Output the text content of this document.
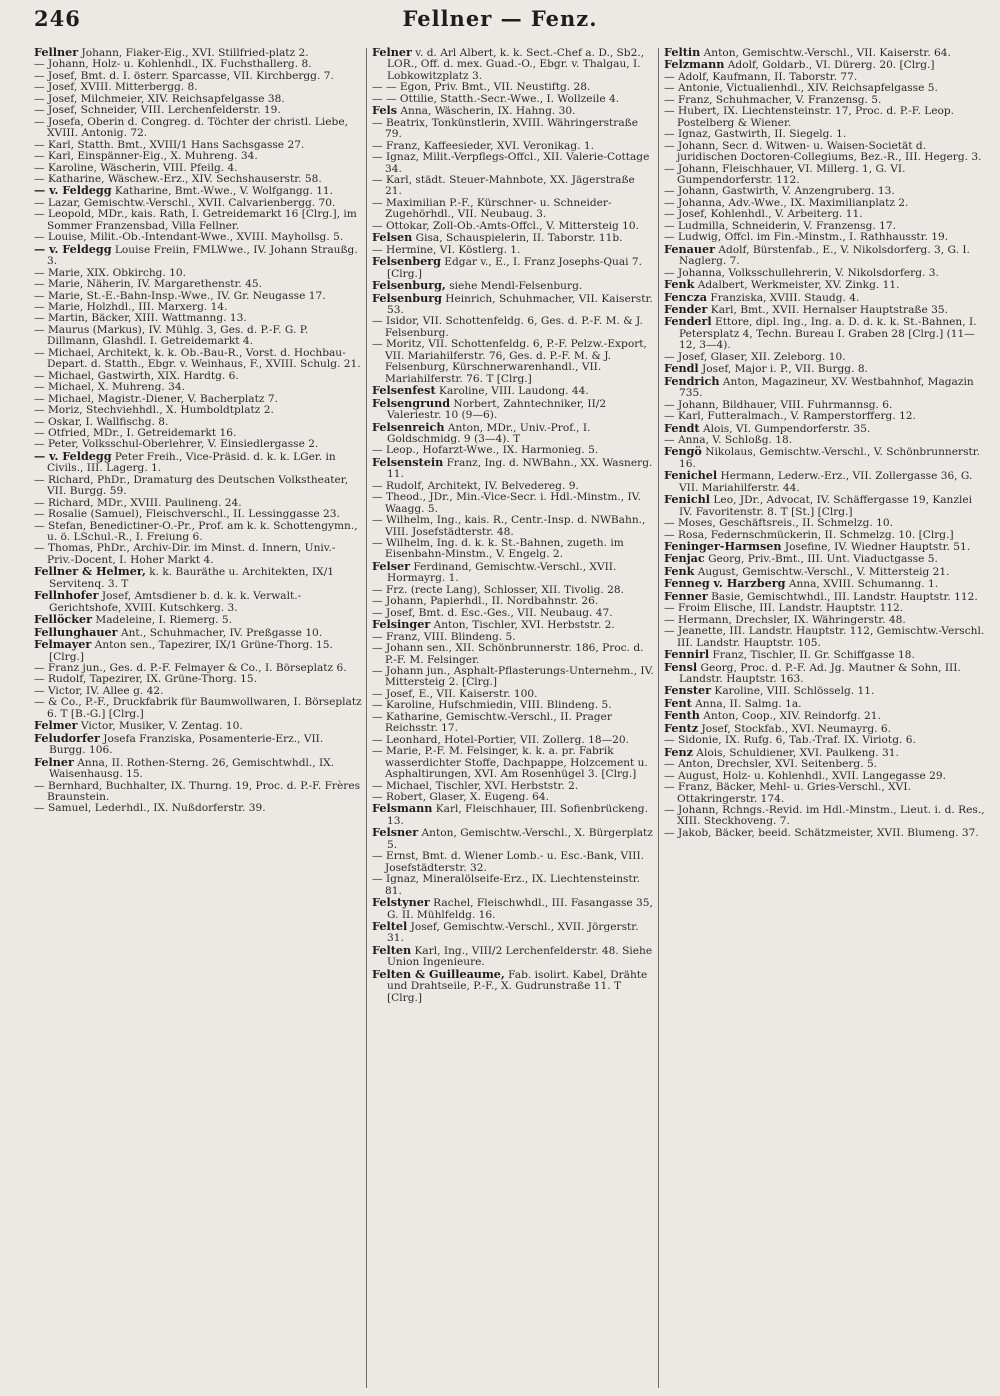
246	Fellner — Fenz.

Fellner Johann, Fiaker-Eig., XVI. Stillfried-platz 2.

— Johann, Holz- u. Kohlenhdl., IX. Fuchsthallerg. 8.

— Josef, Bmt. d. I. österr. Sparcasse, VII. Kirchbergg. 7.

— Josef, XVIII. Mitterbergg. 8.

— Josef, Milchmeier, XIV. Reichsapfelgasse 38.

— Josef, Schneider, VIII. Lerchenfelderstr. 19.

— Josefa, Oberin d. Congreg. d. Töchter der christl. Liebe, XVIII. Antonig. 72.

— Karl, Statth. Bmt., XVIII/1 Hans Sachsgasse 27.

— Karl, Einspänner-Eig., X. Muhreng. 34.

— Karoline, Wäscherin, VIII. Pfeilg. 4.

— Katharine, Wäschew.-Erz., XIV. Sechshauserstr. 58.

— v. Feldegg Katharine, Bmt.-Wwe., V. Wolfgangg. 11.

— Lazar, Gemischtw.-Verschl., XVII. Calvarienbergg. 70.

— Leopold, MDr., kais. Rath, I. Getreidemarkt 16 [Clrg.], im Sommer Franzensbad, Villa Fellner.

— Louise, Milit.-Ob.-Intendant-Wwe., XVIII. Mayhollsg. 5.

— v. Feldegg Louise Freiin, FMLWwe., IV. Johann Straußg. 3.

— Marie, XIX. Obkirchg. 10.

— Marie, Näherin, IV. Margarethenstr. 45.

— Marie, St.-E.-Bahn-Insp.-Wwe., IV. Gr. Neugasse 17.

— Marie, Holzhdl., III. Marxerg. 14.

— Martin, Bäcker, XIII. Wattmanng. 13.

— Maurus (Markus), IV. Mühlg. 3, Ges. d. P.-F. G. P. Dillmann, Glashdl. I. Getreidemarkt 4.

— Michael, Architekt, k. k. Ob.-Bau-R., Vorst. d. Hochbau-Depart. d. Statth., Ebgr. v. Weinhaus, F., XVIII. Schulg. 21.

— Michael, Gastwirth, XIX. Hardtg. 6.

— Michael, X. Muhreng. 34.

— Michael, Magistr.-Diener, V. Bacherplatz 7.

— Moriz, Stechviehhdl., X. Humboldtplatz 2.

— Oskar, I. Wallfischg. 8.

— Otfried, MDr., I. Getreidemarkt 16.

— Peter, Volksschul-Oberlehrer, V. Einsiedlergasse 2.

— v. Feldegg Peter Freih., Vice-Präsid. d. k. k. LGer. in Civils., III. Lagerg. 1.

— Richard, PhDr., Dramaturg des Deutschen Volkstheater, VII. Burgg. 59.

— Richard, MDr., XVIII. Paulineng. 24.

— Rosalie (Samuel), Fleischverschl., II. Lessinggasse 23.

— Stefan, Benedictiner-O.-Pr., Prof. am k. k. Schottengymn., u. ö. LSchul.-R., I. Freiung 6.

— Thomas, PhDr., Archiv-Dir. im Minst. d. Innern, Univ.-Priv.-Docent, I. Hoher Markt 4.

Fellner & Helmer, k. k. Bauräthe u. Architekten, IX/1 Servitenq. 3. T

Fellnhofer Josef, Amtsdiener b. d. k. k. Verwalt.-Gerichtshofe, XVIII. Kutschkerg. 3.

Fellöcker Madeleine, I. Riemerg. 5.

Fellunghauer Ant., Schuhmacher, IV. Preßgasse 10.

Felmayer Anton sen., Tapezirer, IX/1 Grüne-Thorg. 15. [Clrg.]

— Franz jun., Ges. d. P.-F. Felmayer & Co., I. Börseplatz 6.

— Rudolf, Tapezirer, IX. Grüne-Thorg. 15.

— Victor, IV. Allee g. 42.

— & Co., P.-F., Druckfabrik für Baumwollwaren, I. Börseplatz 6. T [B.-G.] [Clrg.]

Felmer Victor, Musiker, V. Zentag. 10.

Feludorfer Josefa Franziska, Posamenterie-Erz., VII. Burgg. 106.

Felner Anna, II. Rothen-Sterng. 26, Gemischtwhdl., IX. Waisenhausg. 15.

— Bernhard, Buchhalter, IX. Thurng. 19, Proc. d. P.-F. Frères Braunstein.

— Samuel, Lederhdl., IX. Nußdorferstr. 39.

Felner v. d. Arl Albert, k. k. Sect.-Chef a. D., Sb2., LOR., Off. d. mex. Guad.-O., Ebgr. v. Thalgau, I. Lobkowitzplatz 3.

— — Egon, Priv. Bmt., VII. Neustiftg. 28.

— — Ottilie, Statth.-Secr.-Wwe., I. Wollzeile 4.

Fels Anna, Wäscherin, IX. Hahng. 30.

— Beatrix, Tonkünstlerin, XVIII. Währingerstraße 79.

— Franz, Kaffeesieder, XVI. Veronikag. 1.

— Ignaz, Milit.-Verpflegs-Offcl., XII. Valerie-Cottage 34.

— Karl, städt. Steuer-Mahnbote, XX. Jägerstraße 21.

— Maximilian P.-F., Kürschner- u. Schneider-Zugehörhdl., VII. Neubaug. 3.

— Ottokar, Zoll-Ob.-Amts-Offcl., V. Mittersteig 10.

Felsen Gisa, Schauspielerin, II. Taborstr. 11b.

— Hermine, VI. Köstlerg. 1.

Felsenberg Edgar v., E., I. Franz Josephs-Quai 7. [Clrg.]

Felsenburg, siehe Mendl-Felsenburg.

Felsenburg Heinrich, Schuhmacher, VII. Kaiserstr. 53.

— Isidor, VII. Schottenfeldg. 6, Ges. d. P.-F. M. & J. Felsenburg.

— Moritz, VII. Schottenfeldg. 6, P.-F. Pelzw.-Export, VII. Mariahilferstr. 76, Ges. d. P.-F. M. & J. Felsenburg, Kürschnerwarenhandl., VII. Mariahilferstr. 76. T [Clrg.]

Felsenfest Karoline, VIII. Laudong. 44.

Felsengrund Norbert, Zahntechniker, II/2 Valeriestr. 10 (9—6).

Felsenreich Anton, MDr., Univ.-Prof., I. Goldschmidg. 9 (3—4). T

— Leop., Hofarzt-Wwe., IX. Harmonieg. 5.

Felsenstein Franz, Ing. d. NWBahn., XX. Wasnerg. 11.

— Rudolf, Architekt, IV. Belvedereg. 9.

— Theod., JDr., Min.-Vice-Secr. i. Hdl.-Minstm., IV. Waagg. 5.

— Wilhelm, Ing., kais. R., Centr.-Insp. d. NWBahn., VIII. Josefstädterstr. 48.

— Wilhelm, Ing. d. k. k. St.-Bahnen, zugeth. im Eisenbahn-Minstm., V. Engelg. 2.

Felser Ferdinand, Gemischtw.-Verschl., XVII. Hormayrg. 1.

— Frz. (recte Lang), Schlosser, XII. Tivolig. 28.

— Johann, Papierhdl., II. Nordbahnstr. 26.

— Josef, Bmt. d. Esc.-Ges., VII. Neubaug. 47.

Felsinger Anton, Tischler, XVI. Herbststr. 2.

— Franz, VIII. Blindeng. 5.

— Johann sen., XII. Schönbrunnerstr. 186, Proc. d. P.-F. M. Felsinger.

— Johann jun., Asphalt-Pflasterungs-Unternehm., IV. Mittersteig 2. [Clrg.]

— Josef, E., VII. Kaiserstr. 100.

— Karoline, Hufschmiedin, VIII. Blindeng. 5.

— Katharine, Gemischtw.-Verschl., II. Prager Reichsstr. 17.

— Leonhard, Hotel-Portier, VII. Zollerg. 18—20.

— Marie, P.-F. M. Felsinger, k. k. a. pr. Fabrik wasserdichter Stoffe, Dachpappe, Holzcement u. Asphaltirungen, XVI. Am Rosenhügel 3. [Clrg.]

— Michael, Tischler, XVI. Herbststr. 2.

— Robert, Glaser, X. Eugeng. 64.

Felsmann Karl, Fleischhauer, III. Sofienbrückeng. 13.

Felsner Anton, Gemischtw.-Verschl., X. Bürgerplatz 5.

— Ernst, Bmt. d. Wiener Lomb.- u. Esc.-Bank, VIII. Josefstädterstr. 32.

— Ignaz, Mineralölseife-Erz., IX. Liechtensteinstr. 81.

Felstyner Rachel, Fleischwhdl., III. Fasangasse 35, G. II. Mühlfeldg. 16.

Feltel Josef, Gemischtw.-Verschl., XVII. Jörgerstr. 31.

Felten Karl, Ing., VIII/2 Lerchenfelderstr. 48. Siehe Union Ingenieure.

Felten & Guilleaume, Fab. isolirt. Kabel, Drähte und Drahtseile, P.-F., X. Gudrunstraße 11. T [Clrg.]

Feltin Anton, Gemischtw.-Verschl., VII. Kaiserstr. 64.

Felzmann Adolf, Goldarb., VI. Dürerg. 20. [Clrg.]

— Adolf, Kaufmann, II. Taborstr. 77.

— Antonie, Victualienhdl., XIV. Reichsapfelgasse 5.

— Franz, Schuhmacher, V. Franzensg. 5.

— Hubert, IX. Liechtensteinstr. 17, Proc. d. P.-F. Leop. Postelberg & Wiener.

— Ignaz, Gastwirth, II. Siegelg. 1.

— Johann, Secr. d. Witwen- u. Waisen-Societät d. juridischen Doctoren-Collegiums, Bez.-R., III. Hegerg. 3.

— Johann, Fleischhauer, VI. Millerg. 1, G. VI. Gumpendorferstr. 112.

— Johann, Gastwirth, V. Anzengruberg. 13.

— Johanna, Adv.-Wwe., IX. Maximilianplatz 2.

— Josef, Kohlenhdl., V. Arbeiterg. 11.

— Ludmilla, Schneiderin, V. Franzensg. 17.

— Ludwig, Offcl. im Fin.-Minstm., I. Rathhausstr. 19.

Fenauer Adolf, Bürstenfab., E., V. Nikolsdorferg. 3, G. I. Naglerg. 7.

— Johanna, Volksschullehrerin, V. Nikolsdorferg. 3.

Fenk Adalbert, Werkmeister, XV. Zinkg. 11.

Fencza Franziska, XVIII. Staudg. 4.

Fender Karl, Bmt., XVII. Hernalser Hauptstraße 35.

Fenderl Ettore, dipl. Ing., Ing. a. D. d. k. k. St.-Bahnen, I. Petersplatz 4, Techn. Bureau I. Graben 28 [Clrg.] (11—12, 3—4).

— Josef, Glaser, XII. Zeleborg. 10.

Fendl Josef, Major i. P., VII. Burgg. 8.

Fendrich Anton, Magazineur, XV. Westbahnhof, Magazin 735.

— Johann, Bildhauer, VIII. Fuhrmannsg. 6.

— Karl, Futteralmach., V. Ramperstorfferg. 12.

Fendt Alois, VI. Gumpendorferstr. 35.

— Anna, V. Schloßg. 18.

Fengö Nikolaus, Gemischtw.-Verschl., V. Schönbrunnerstr. 16.

Fenichel Hermann, Lederw.-Erz., VII. Zollergasse 36, G. VII. Mariahilferstr. 44.

Fenichl Leo, JDr., Advocat, IV. Schäffergasse 19, Kanzlei IV. Favoritenstr. 8. T [St.] [Clrg.]

— Moses, Geschäftsreis., II. Schmelzg. 10.

— Rosa, Federnschmückerin, II. Schmelzg. 10. [Clrg.]

Feninger-Harmsen Josefine, IV. Wiedner Hauptstr. 51.

Fenjac Georg, Priv.-Bmt., III. Unt. Viaductgasse 5.

Fenk August, Gemischtw.-Verschl., V. Mittersteig 21.

Fenneg v. Harzberg Anna, XVIII. Schumanng. 1.

Fenner Basie, Gemischtwhdl., III. Landstr. Hauptstr. 112.

— Froim Elische, III. Landstr. Hauptstr. 112.

— Hermann, Drechsler, IX. Währingerstr. 48.

— Jeanette, III. Landstr. Hauptstr. 112, Gemischtw.-Verschl. III. Landstr. Hauptstr. 105.

Fennirl Franz, Tischler, II. Gr. Schiffgasse 18.

Fensl Georg, Proc. d. P.-F. Ad. Jg. Mautner & Sohn, III. Landstr. Hauptstr. 163.

Fenster Karoline, VIII. Schlösselg. 11.

Fent Anna, II. Salmg. 1a.

Fenth Anton, Coop., XIV. Reindorfg. 21.

Fentz Josef, Stockfab., XVI. Neumayrg. 6.

— Sidonie, IX. Rufg. 6, Tab.-Traf. IX. Viriotg. 6.

Fenz Alois, Schuldiener, XVI. Paulkeng. 31.

— Anton, Drechsler, XVI. Seitenberg. 5.

— August, Holz- u. Kohlenhdl., XVII. Langegasse 29.

— Franz, Bäcker, Mehl- u. Gries-Verschl., XVI. Ottakringerstr. 174.

— Johann, Rchngs.-Revid. im Hdl.-Minstm., Lieut. i. d. Res., XIII. Steckhoveng. 7.

— Jakob, Bäcker, beeid. Schätzmeister, XVII. Blumeng. 37.
